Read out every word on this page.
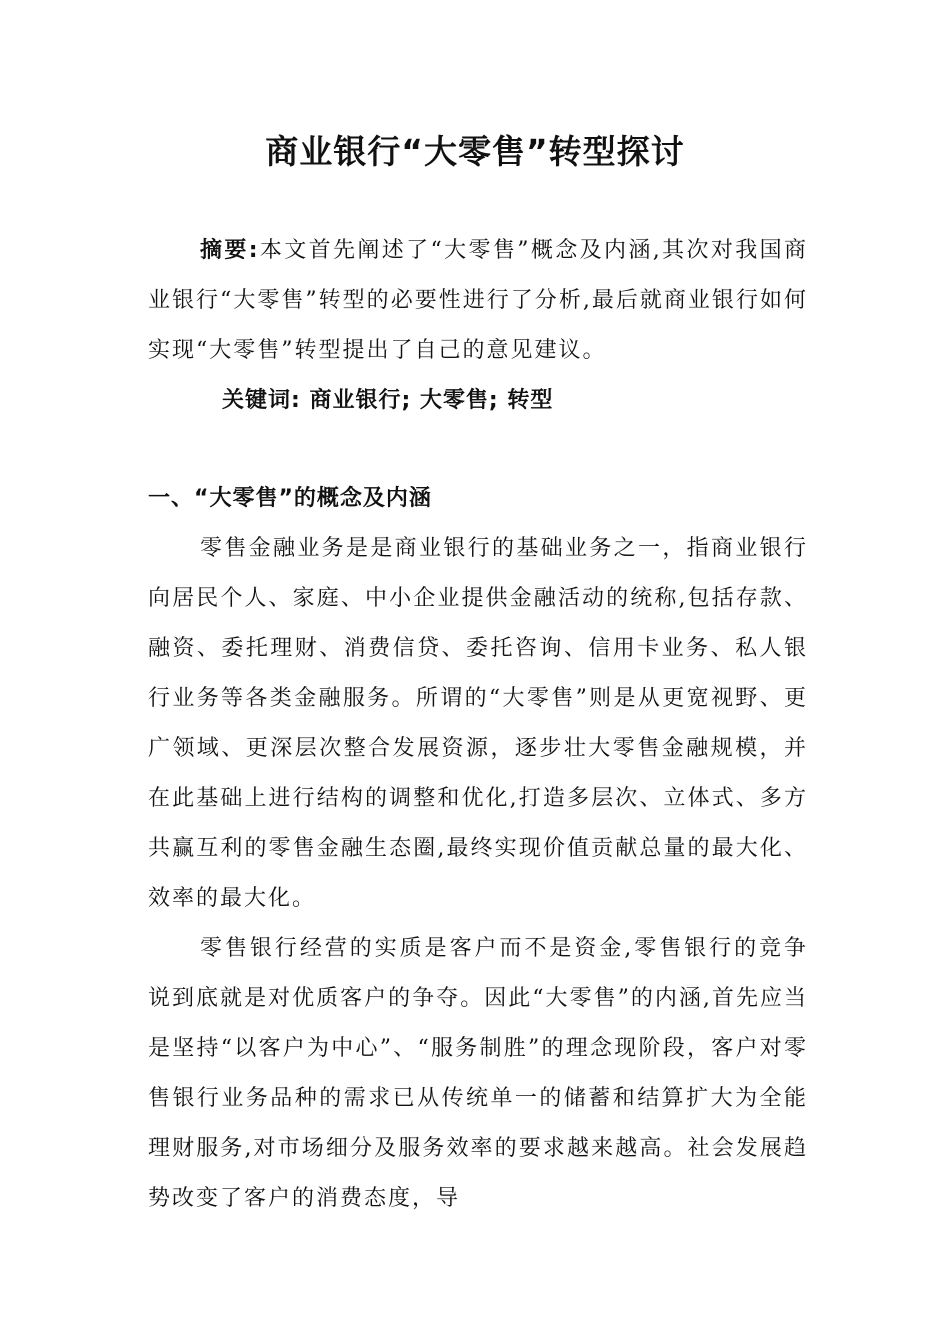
商业银行“大零售”转型探讨

摘要:本文首先阐述了“大零售”概念及内涵,其次对我国商业银行“大零售”转型的必要性进行了分析,最后就商业银行如何实现“大零售”转型提出了自己的意见建议。

关键词: 商业银行; 大零售; 转型

一、“大零售”的概念及内涵

零售金融业务是是商业银行的基础业务之一，指商业银行向居民个人、家庭、中小企业提供金融活动的统称,包括存款、融资、委托理财、消费信贷、委托咨询、信用卡业务、私人银行业务等各类金融服务。所谓的“大零售”则是从更宽视野、更广领域、更深层次整合发展资源，逐步壮大零售金融规模，并在此基础上进行结构的调整和优化,打造多层次、立体式、多方共赢互利的零售金融生态圈,最终实现价值贡献总量的最大化、效率的最大化。

零售银行经营的实质是客户而不是资金,零售银行的竞争说到底就是对优质客户的争夺。因此“大零售”的内涵,首先应当是坚持“以客户为中心”、“服务制胜”的理念现阶段，客户对零售银行业务品种的需求已从传统单一的储蓄和结算扩大为全能理财服务,对市场细分及服务效率的要求越来越高。社会发展趋势改变了客户的消费态度，导
